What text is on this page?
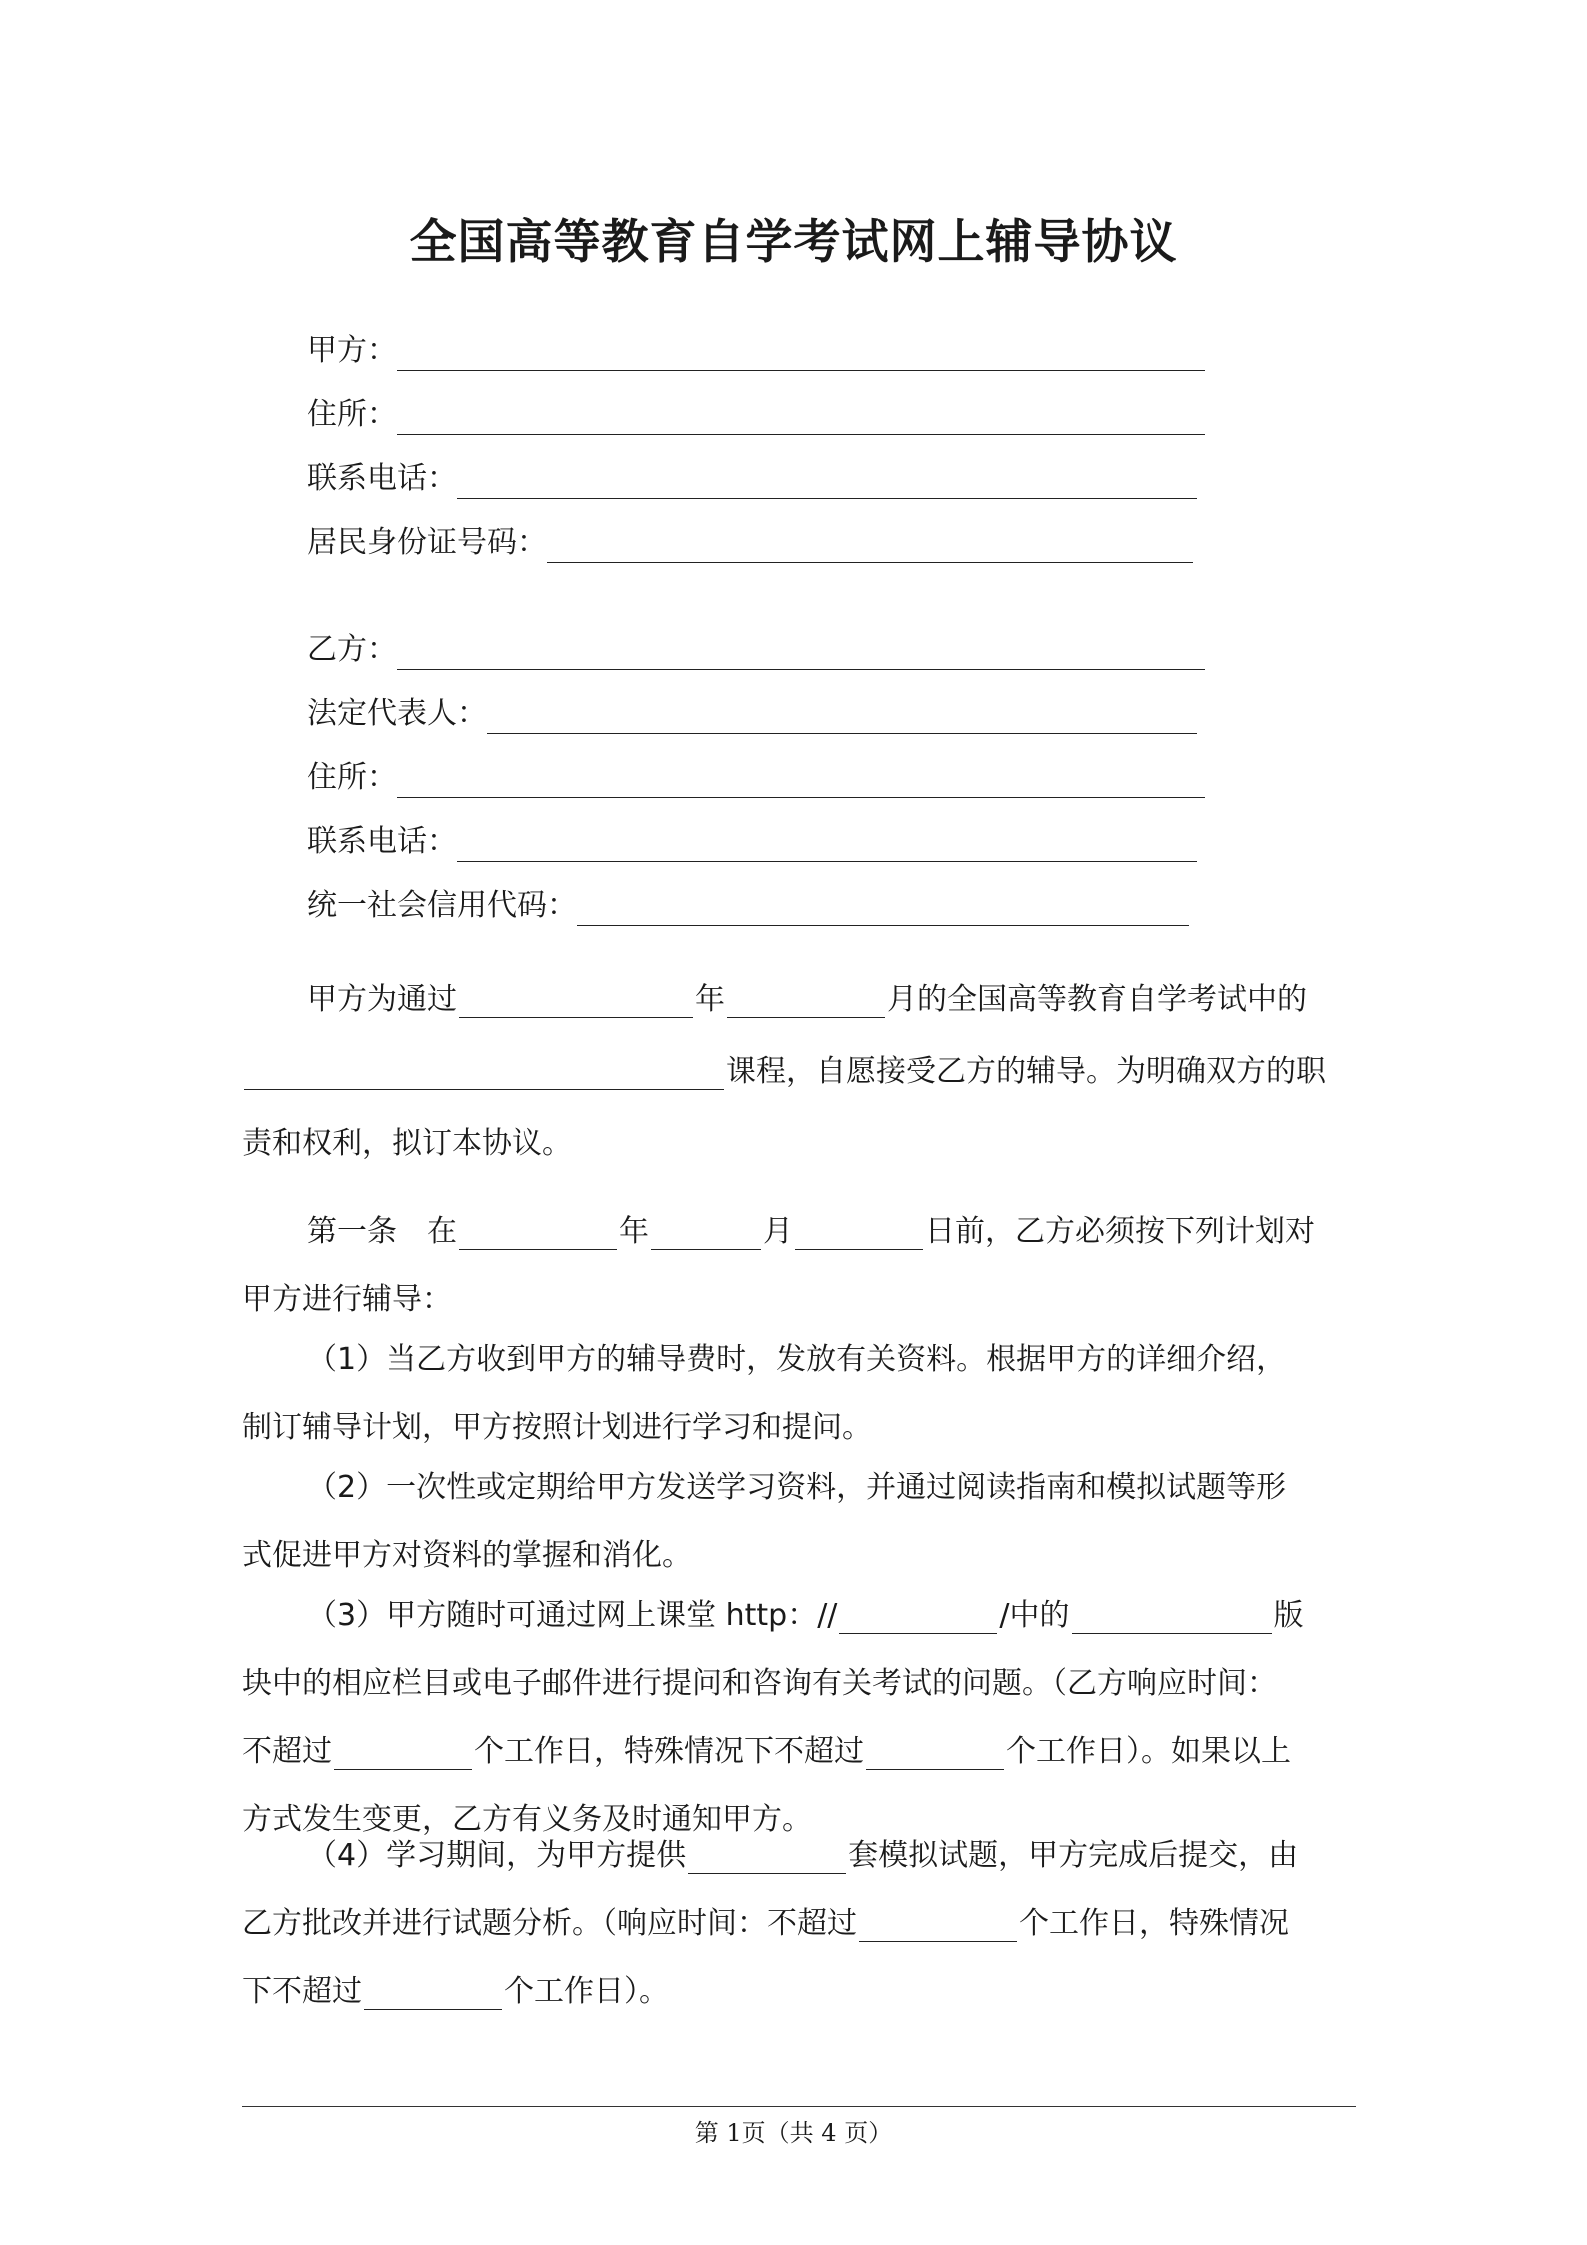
全国高等教育自学考试网上辅导协议
甲方：
住所：
联系电话：
居民身份证号码：
乙方：
法定代表人：
住所：
联系电话：
统一社会信用代码：
甲方为通过	年	月的全国高等教育自学考试中的
课程，自愿接受乙方的辅导。为明确双方的职
责和权利，拟订本协议。
第一条　在	年	月	日前，乙方必须按下列计划对
甲方进行辅导：
（1）当乙方收到甲方的辅导费时，发放有关资料。根据甲方的详细介绍，
制订辅导计划，甲方按照计划进行学习和提问。
（2）一次性或定期给甲方发送学习资料，并通过阅读指南和模拟试题等形
式促进甲方对资料的掌握和消化。
（3）甲方随时可通过网上课堂 http：//	/中的	版
块中的相应栏目或电子邮件进行提问和咨询有关考试的问题。（乙方响应时间：
不超过	个工作日，特殊情况下不超过	个工作日）。如果以上
方式发生变更，乙方有义务及时通知甲方。
（4）学习期间，为甲方提供	套模拟试题，甲方完成后提交，由
乙方批改并进行试题分析。（响应时间：不超过	个工作日，特殊情况
下不超过	个工作日）。
第 1页（共 4 页）
